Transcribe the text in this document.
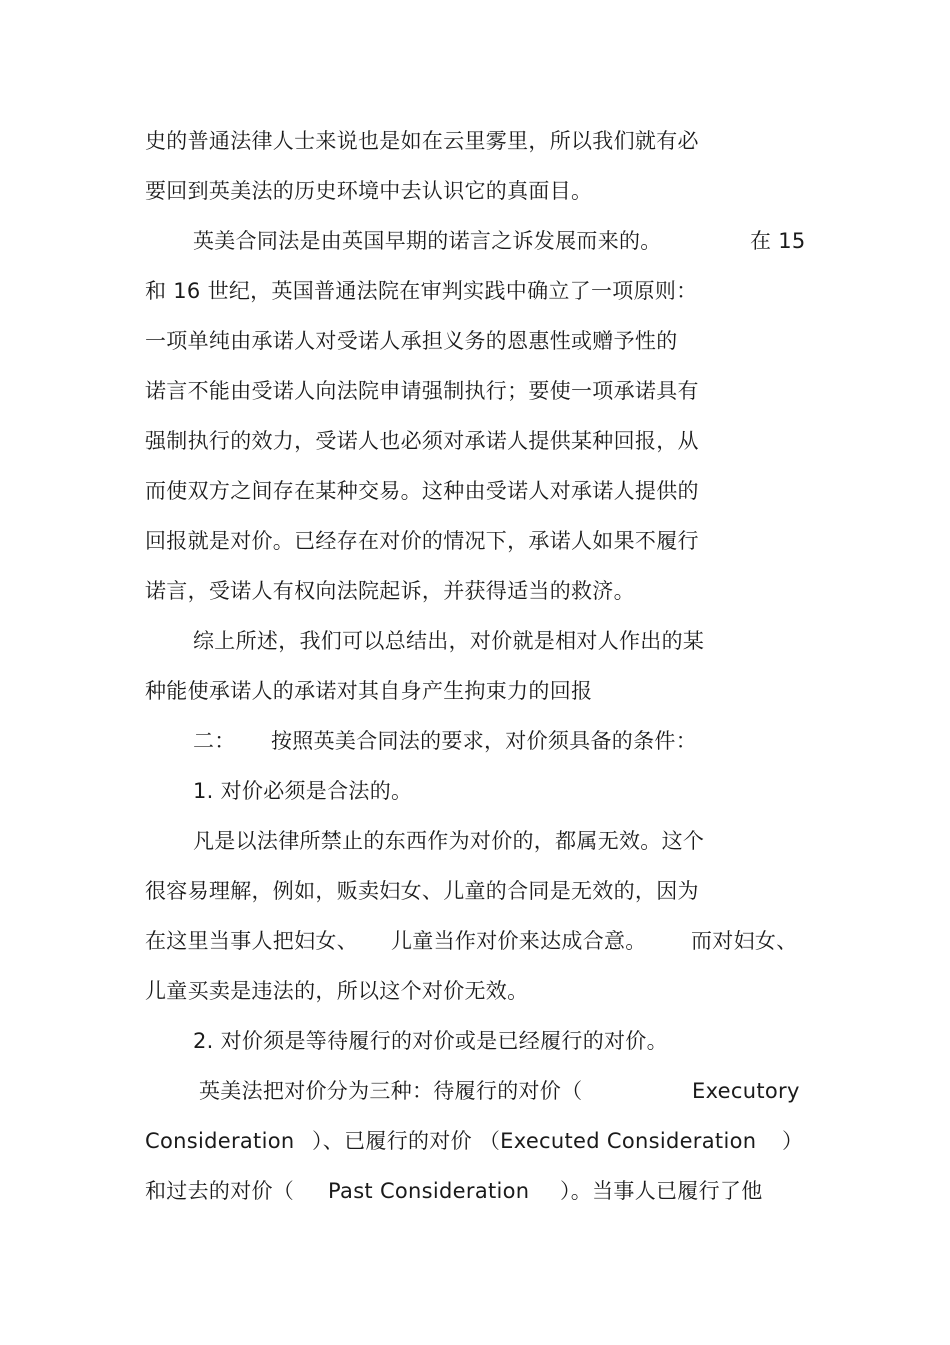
史的普通法律人士来说也是如在云里雾里，所以我们就有必
要回到英美法的历史环境中去认识它的真面目。
英美合同法是由英国早期的诺言之诉发展而来的。	在 15
和 16 世纪，英国普通法院在审判实践中确立了一项原则：
一项单纯由承诺人对受诺人承担义务的恩惠性或赠予性的
诺言不能由受诺人向法院申请强制执行；要使一项承诺具有
强制执行的效力，受诺人也必须对承诺人提供某种回报，从
而使双方之间存在某种交易。这种由受诺人对承诺人提供的
回报就是对价。已经存在对价的情况下，承诺人如果不履行
诺言，受诺人有权向法院起诉，并获得适当的救济。
综上所述，我们可以总结出，对价就是相对人作出的某
种能使承诺人的承诺对其自身产生拘束力的回报
二： 按照英美合同法的要求，对价须具备的条件：
1. 对价必须是合法的。
凡是以法律所禁止的东西作为对价的，都属无效。这个
很容易理解，例如，贩卖妇女、儿童的合同是无效的，因为
在这里当事人把妇女、 儿童当作对价来达成合意。 而对妇女、
儿童买卖是违法的，所以这个对价无效。
2. 对价须是等待履行的对价或是已经履行的对价。
英美法把对价分为三种：待履行的对价（	Executory
Consideration ）、已履行的对价 （Executed Consideration ）
和过去的对价（ Past Consideration ）。当事人已履行了他
